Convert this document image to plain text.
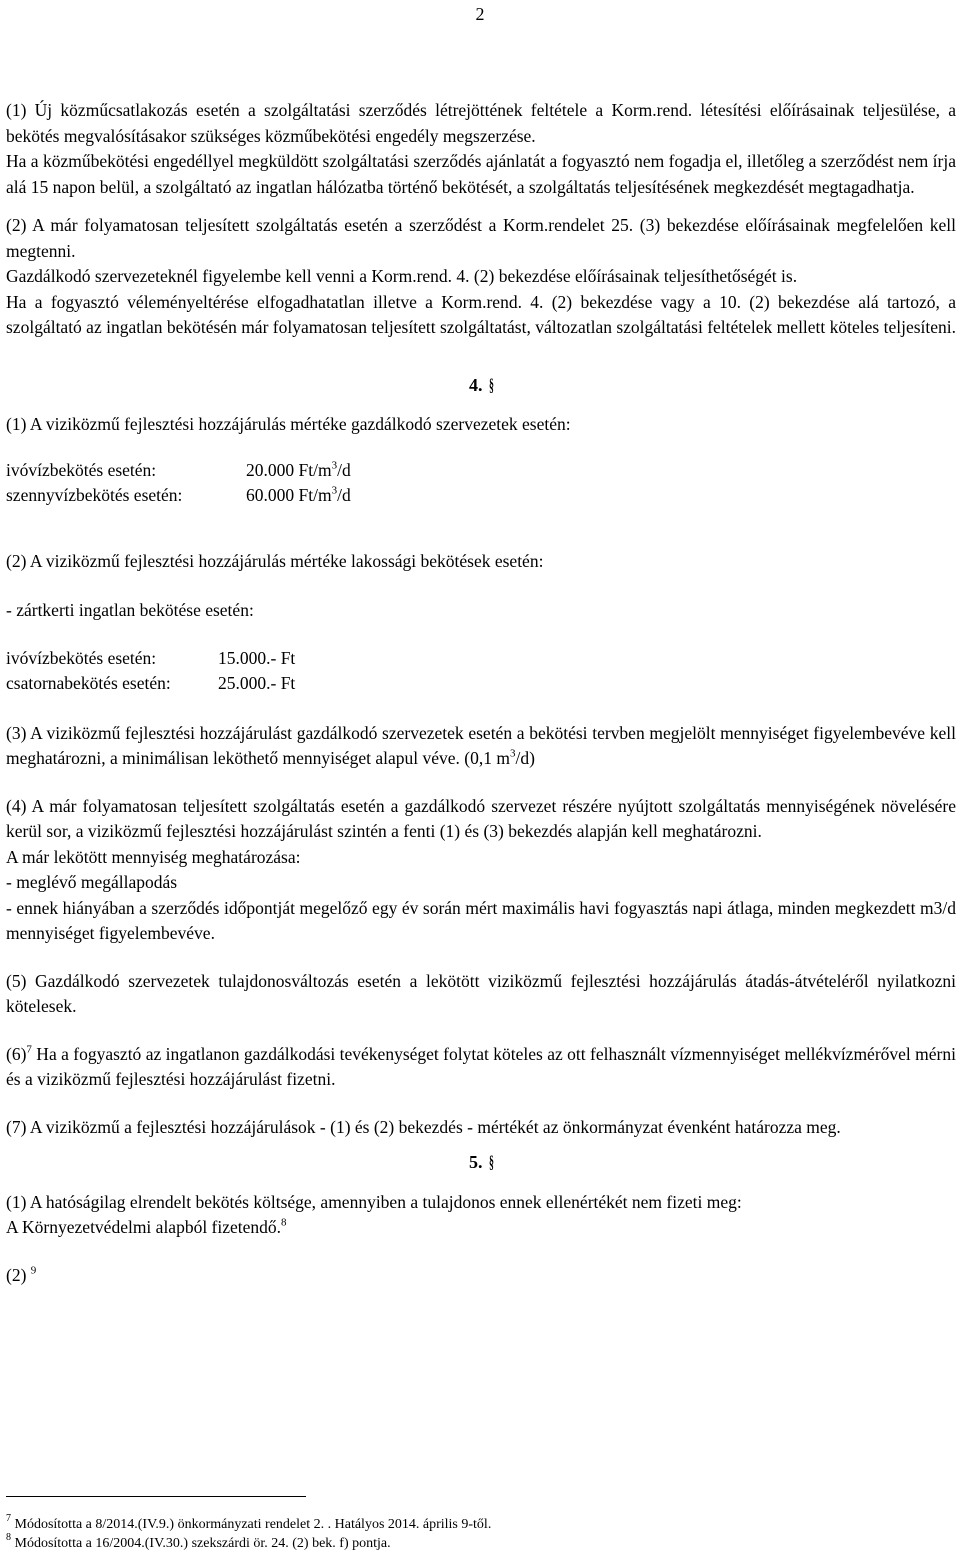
2

(1) Új közműcsatlakozás esetén a szolgáltatási szerződés létrejöttének feltétele a Korm.rend. létesítési előírásainak teljesülése, a bekötés megvalósításakor szükséges közműbekötési engedély megszerzése.

Ha a közműbekötési engedéllyel megküldött szolgáltatási szerződés ajánlatát a fogyasztó nem fogadja el, illetőleg a szerződést nem írja alá 15 napon belül, a szolgáltató az ingatlan hálózatba történő bekötését, a szolgáltatás teljesítésének megkezdését megtagadhatja.

(2) A már folyamatosan teljesített szolgáltatás esetén a szerződést a Korm.rendelet 25. (3) bekezdése előírásainak megfelelően kell megtenni.

Gazdálkodó szervezeteknél figyelembe kell venni a Korm.rend. 4. (2) bekezdése előírásainak teljesíthetőségét is.

Ha a fogyasztó véleményeltérése elfogadhatatlan illetve a Korm.rend. 4. (2) bekezdése vagy a 10. (2) bekezdése alá tartozó, a szolgáltató az ingatlan bekötésén már folyamatosan teljesített szolgáltatást, változatlan szolgáltatási feltételek mellett köteles teljesíteni.

4. §

(1) A viziközmű fejlesztési hozzájárulás mértéke gazdálkodó szervezetek esetén:

ivóvízbekötés esetén:	20.000 $Ft/m^3/d$
szennyvízbekötés esetén:	60.000 $Ft/m^3/d$

(2) A viziközmű fejlesztési hozzájárulás mértéke lakossági bekötések esetén:

- zártkerti ingatlan bekötése esetén:

ivóvízbekötés esetén:	15.000.- Ft
csatornabekötés esetén:	25.000.- Ft

(3) A viziközmű fejlesztési hozzájárulást gazdálkodó szervezetek esetén a bekötési tervben megjelölt mennyiséget figyelembevéve kell meghatározni, a minimálisan leköthető mennyiséget alapul véve. (0,1 $m^3/d$)

(4) A már folyamatosan teljesített szolgáltatás esetén a gazdálkodó szervezet részére nyújtott szolgáltatás mennyiségének növelésére kerül sor, a viziközmű fejlesztési hozzájárulást szintén a fenti (1) és (3) bekezdés alapján kell meghatározni.

A már lekötött mennyiség meghatározása:

- meglévő megállapodás

- ennek hiányában a szerződés időpontját megelőző egy év során mért maximális havi fogyasztás napi átlaga, minden megkezdett m3/d mennyiséget figyelembevéve.

(5) Gazdálkodó szervezetek tulajdonosváltozás esetén a lekötött viziközmű fejlesztési hozzájárulás átadás-átvételéről nyilatkozni kötelesek.

$(6)^7$ Ha a fogyasztó az ingatlanon gazdálkodási tevékenységet folytat köteles az ott felhasznált vízmennyiséget mellékvízmérővel mérni és a viziközmű fejlesztési hozzájárulást fizetni.

(7) A viziközmű a fejlesztési hozzájárulások - (1) és (2) bekezdés - mértékét az önkormányzat évenként határozza meg.

5. §

(1) A hatóságilag elrendelt bekötés költsége, amennyiben a tulajdonos ennek ellenértékét nem fizeti meg:

A Környezetvédelmi alapból fizetendő.$^8$

(2) $^9$

$^7$ Módosította a 8/2014.(IV.9.) önkormányzati rendelet 2. . Hatályos 2014. április 9-től.
$^8$ Módosította a 16/2004.(IV.30.) szekszárdi ör. 24. (2) bek. f) pontja.
